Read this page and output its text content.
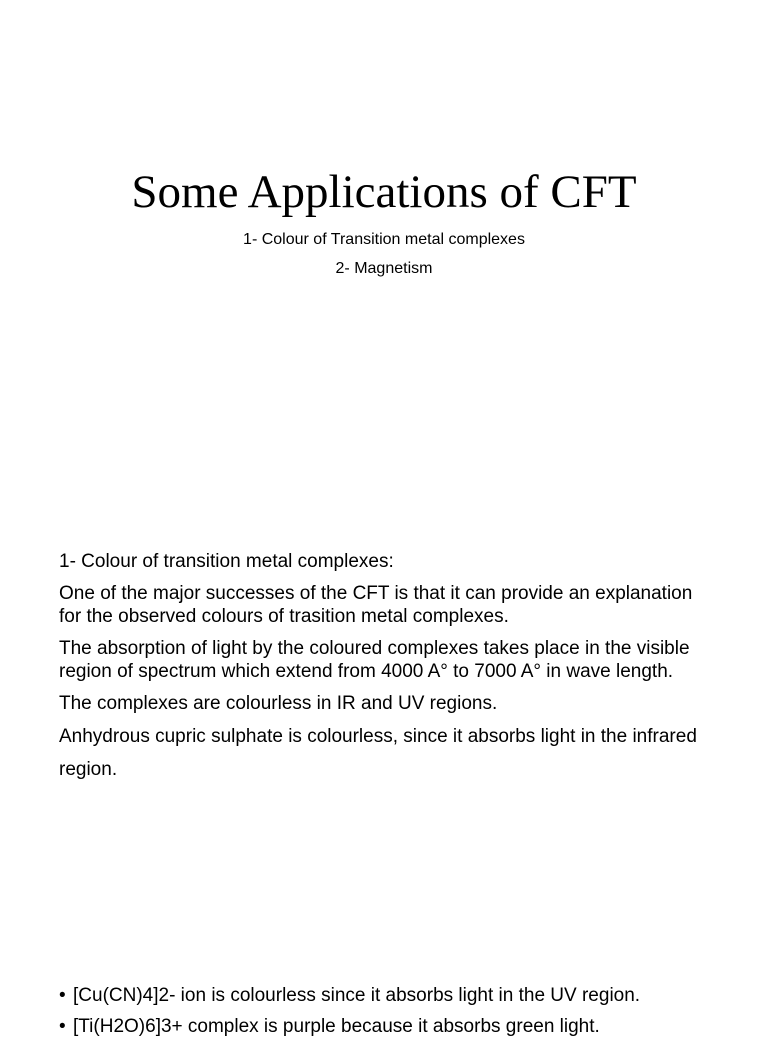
Some Applications of CFT
1- Colour of Transition metal complexes
2- Magnetism

1- Colour of transition metal complexes:

One of the major successes of the CFT is that it can provide an explanation for the observed colours of trasition metal complexes.

The absorption of light by the coloured complexes takes place in the visible region of spectrum which extend from 4000 A° to 7000 A° in wave length.

The complexes are colourless in IR and UV regions.

Anhydrous cupric sulphate is colourless, since it absorbs light in the infrared region.

• [Cu(CN)4]2- ion is colourless since it absorbs light in the UV region.
• [Ti(H2O)6]3+ complex is purple because it absorbs green light.
